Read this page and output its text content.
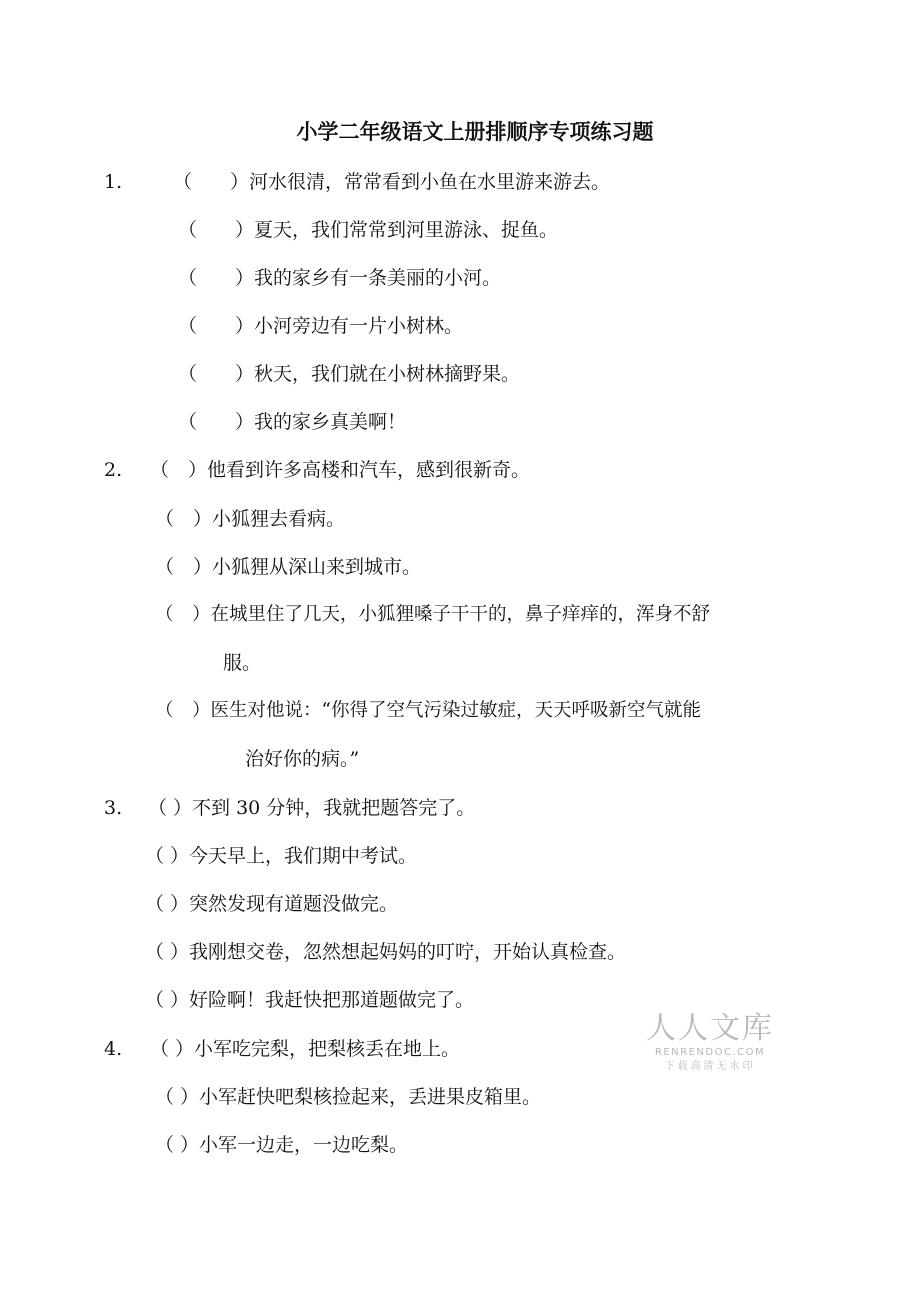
小学二年级语文上册排顺序专项练习题
1.	（　　）河水很清，常常看到小鱼在水里游来游去。
（　　）夏天，我们常常到河里游泳、捉鱼。
（　　）我的家乡有一条美丽的小河。
（　　）小河旁边有一片小树林。
（　　）秋天，我们就在小树林摘野果。
（　　）我的家乡真美啊！
2. （　）他看到许多高楼和汽车，感到很新奇。
（　）小狐狸去看病。
（　）小狐狸从深山来到城市。
（　）在城里住了几天，小狐狸嗓子干干的，鼻子痒痒的，浑身不舒
服。
（　）医生对他说：“你得了空气污染过敏症，天天呼吸新空气就能
治好你的病。”
3. （ ）不到 30 分钟，我就把题答完了。
（ ）今天早上，我们期中考试。
（ ）突然发现有道题没做完。
（ ）我刚想交卷，忽然想起妈妈的叮咛，开始认真检查。
（ ）好险啊！我赶快把那道题做完了。
4. （ ）小军吃完梨，把梨核丢在地上。
（ ）小军赶快吧梨核捡起来，丢进果皮箱里。
（ ）小军一边走，一边吃梨。
人人文库
RENRENDOC.COM
下载高清无水印
